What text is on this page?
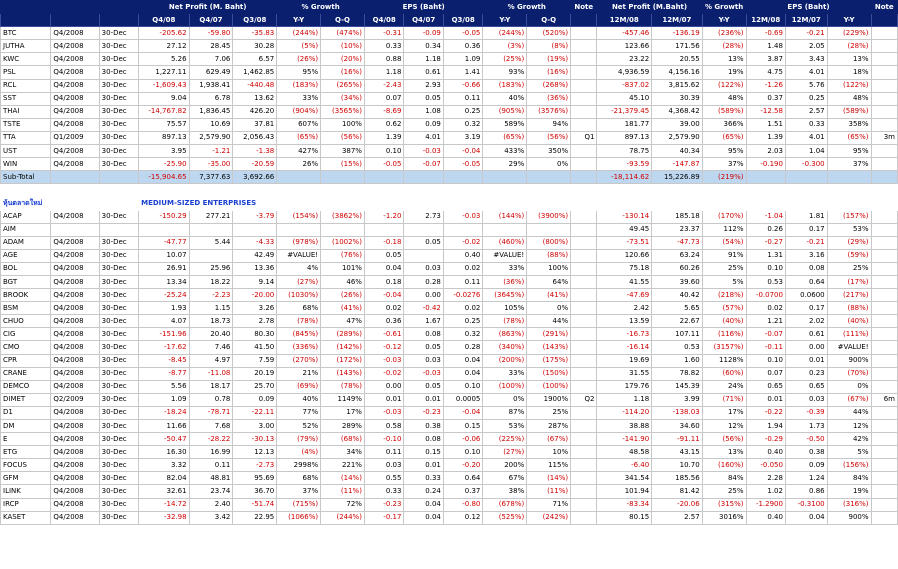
			Net Profit (M. Baht)			% Growth		EPS (Baht)			% Growth		Note	Net Profit (M.Baht)		% Growth	EPS (Baht)			Note
			Q4/08	Q4/07	Q3/08	Y-Y	Q-Q	Q4/08	Q4/07	Q3/08	Y-Y	Q-Q		12M/08	12M/07	Y-Y	12M/08	12M/07	Y-Y	
BTC	Q4/2008	30-Dec	-205.62	-59.80	-35.83	(244%)	(474%)	-0.31	-0.09	-0.05	(244%)	(520%)		-457.46	-136.19	(236%)	-0.69	-0.21	(229%)	
JUTHA	Q4/2008	30-Dec	27.12	28.45	30.28	(5%)	(10%)	0.33	0.34	0.36	(3%)	(8%)		123.66	171.56	(28%)	1.48	2.05	(28%)	
KWC	Q4/2008	30-Dec	5.26	7.06	6.57	(26%)	(20%)	0.88	1.18	1.09	(25%)	(19%)		23.22	20.55	13%	3.87	3.43	13%	
PSL	Q4/2008	30-Dec	1,227.11	629.49	1,462.85	95%	(16%)	1.18	0.61	1.41	93%	(16%)		4,936.59	4,156.16	19%	4.75	4.01	18%	
RCL	Q4/2008	30-Dec	-1,609.43	1,938.41	-440.48	(183%)	(265%)	-2.43	2.93	-0.66	(183%)	(268%)		-837.02	3,815.62	(122%)	-1.26	5.76	(122%)	
SST	Q4/2008	30-Dec	9.04	6.78	13.62	33%	(34%)	0.07	0.05	0.11	40%	(36%)		45.10	30.39	48%	0.37	0.25	48%	
THAI	Q4/2008	30-Dec	-14,767.82	1,836.45	426.20	(904%)	(3565%)	-8.69	1.08	0.25	(905%)	(3576%)		-21,379.45	4,368.42	(589%)	-12.58	2.57	(589%)	
TSTE	Q4/2008	30-Dec	75.57	10.69	37.81	607%	100%	0.62	0.09	0.32	589%	94%		181.77	39.00	366%	1.51	0.33	358%	
TTA	Q1/2009	30-Dec	897.13	2,579.90	2,056.43	(65%)	(56%)	1.39	4.01	3.19	(65%)	(56%)	Q1	897.13	2,579.90	(65%)	1.39	4.01	(65%)	3m
UST	Q4/2008	30-Dec	3.95	-1.21	-1.38	427%	387%	0.10	-0.03	-0.04	433%	350%		78.75	40.34	95%	2.03	1.04	95%	
WIN	Q4/2008	30-Dec	-25.90	-35.00	-20.59	26%	(15%)	-0.05	-0.07	-0.05	29%	0%		-93.59	-147.87	37%	-0.190	-0.300	37%	
Sub-Total			-15,904.65	7,377.63	3,692.66									-18,114.62	15,226.89	(219%)				

หุ้นตลาดใหม่			MEDIUM-SIZED ENTERPRISES																	
ACAP	Q4/2008	30-Dec	-150.29	277.21	-3.79	(154%)	(3862%)	-1.20	2.73	-0.03	(144%)	(3900%)		-130.14	185.18	(170%)	-1.04	1.81	(157%)	
AIM														49.45	23.37	112%	0.26	0.17	53%	
ADAM	Q4/2008	30-Dec	-47.77	5.44	-4.33	(978%)	(1002%)	-0.18	0.05	-0.02	(460%)	(800%)		-73.51	-47.73	(54%)	-0.27	-0.21	(29%)	
AGE	Q4/2008	30-Dec	10.07		42.49	#VALUE!	(76%)	0.05		0.40	#VALUE!	(88%)		120.66	63.24	91%	1.31	3.16	(59%)	
BOL	Q4/2008	30-Dec	26.91	25.96	13.36	4%	101%	0.04	0.03	0.02	33%	100%		75.18	60.26	25%	0.10	0.08	25%	
BGT	Q4/2008	30-Dec	13.34	18.22	9.14	(27%)	46%	0.18	0.28	0.11	(36%)	64%		41.55	39.60	5%	0.53	0.64	(17%)	
BROOK	Q4/2008	30-Dec	-25.24	-2.23	-20.00	(1030%)	(26%)	-0.04	0.00	-0.0276	(3645%)	(41%)		-47.69	40.42	(218%)	-0.0700	0.0600	(217%)	
BSM	Q4/2008	30-Dec	1.93	1.15	3.26	68%	(41%)	0.02	-0.42	0.02	105%	0%		2.42	5.65	(57%)	0.02	0.17	(88%)	
CHUO	Q4/2008	30-Dec	4.07	18.73	2.78	(78%)	47%	0.36	1.67	0.25	(78%)	44%		13.59	22.67	(40%)	1.21	2.02	(40%)	
CIG	Q4/2008	30-Dec	-151.96	20.40	80.30	(845%)	(289%)	-0.61	0.08	0.32	(863%)	(291%)		-16.73	107.11	(116%)	-0.07	0.61	(111%)	
CMO	Q4/2008	30-Dec	-17.62	7.46	41.50	(336%)	(142%)	-0.12	0.05	0.28	(340%)	(143%)		-16.14	0.53	(3157%)	-0.11	0.00	#VALUE!	
CPR	Q4/2008	30-Dec	-8.45	4.97	7.59	(270%)	(172%)	-0.03	0.03	0.04	(200%)	(175%)		19.69	1.60	1128%	0.10	0.01	900%	
CRANE	Q4/2008	30-Dec	-8.77	-11.08	20.19	21%	(143%)	-0.02	-0.03	0.04	33%	(150%)		31.55	78.82	(60%)	0.07	0.23	(70%)	
DEMCO	Q4/2008	30-Dec	5.56	18.17	25.70	(69%)	(78%)	0.00	0.05	0.10	(100%)	(100%)		179.76	145.39	24%	0.65	0.65	0%	
DIMET	Q2/2009	30-Dec	1.09	0.78	0.09	40%	1149%	0.01	0.01	0.0005	0%	1900%	Q2	1.18	3.99	(71%)	0.01	0.03	(67%)	6m
D1	Q4/2008	30-Dec	-18.24	-78.71	-22.11	77%	17%	-0.03	-0.23	-0.04	87%	25%		-114.20	-138.03	17%	-0.22	-0.39	44%	
DM	Q4/2008	30-Dec	11.66	7.68	3.00	52%	289%	0.58	0.38	0.15	53%	287%		38.88	34.60	12%	1.94	1.73	12%	
E	Q4/2008	30-Dec	-50.47	-28.22	-30.13	(79%)	(68%)	-0.10	0.08	-0.06	(225%)	(67%)		-141.90	-91.11	(56%)	-0.29	-0.50	42%	
ETG	Q4/2008	30-Dec	16.30	16.99	12.13	(4%)	34%	0.11	0.15	0.10	(27%)	10%		48.58	43.15	13%	0.40	0.38	5%	
FOCUS	Q4/2008	30-Dec	3.32	0.11	-2.73	2998%	221%	0.03	0.01	-0.20	200%	115%		-6.40	10.70	(160%)	-0.050	0.09	(156%)	
GFM	Q4/2008	30-Dec	82.04	48.81	95.69	68%	(14%)	0.55	0.33	0.64	67%	(14%)		341.54	185.56	84%	2.28	1.24	84%	
ILINK	Q4/2008	30-Dec	32.61	23.74	36.70	37%	(11%)	0.33	0.24	0.37	38%	(11%)		101.94	81.42	25%	1.02	0.86	19%	
IRCP	Q4/2008	30-Dec	-14.72	2.40	-51.74	(715%)	72%	-0.23	0.04	-0.80	(678%)	71%		-83.34	-20.06	(315%)	-1.2900	-0.3100	(316%)	
KASET	Q4/2008	30-Dec	-32.98	3.42	22.95	(1066%)	(244%)	-0.17	0.04	0.12	(525%)	(242%)		80.15	2.57	3016%	0.40	0.04	900%	
